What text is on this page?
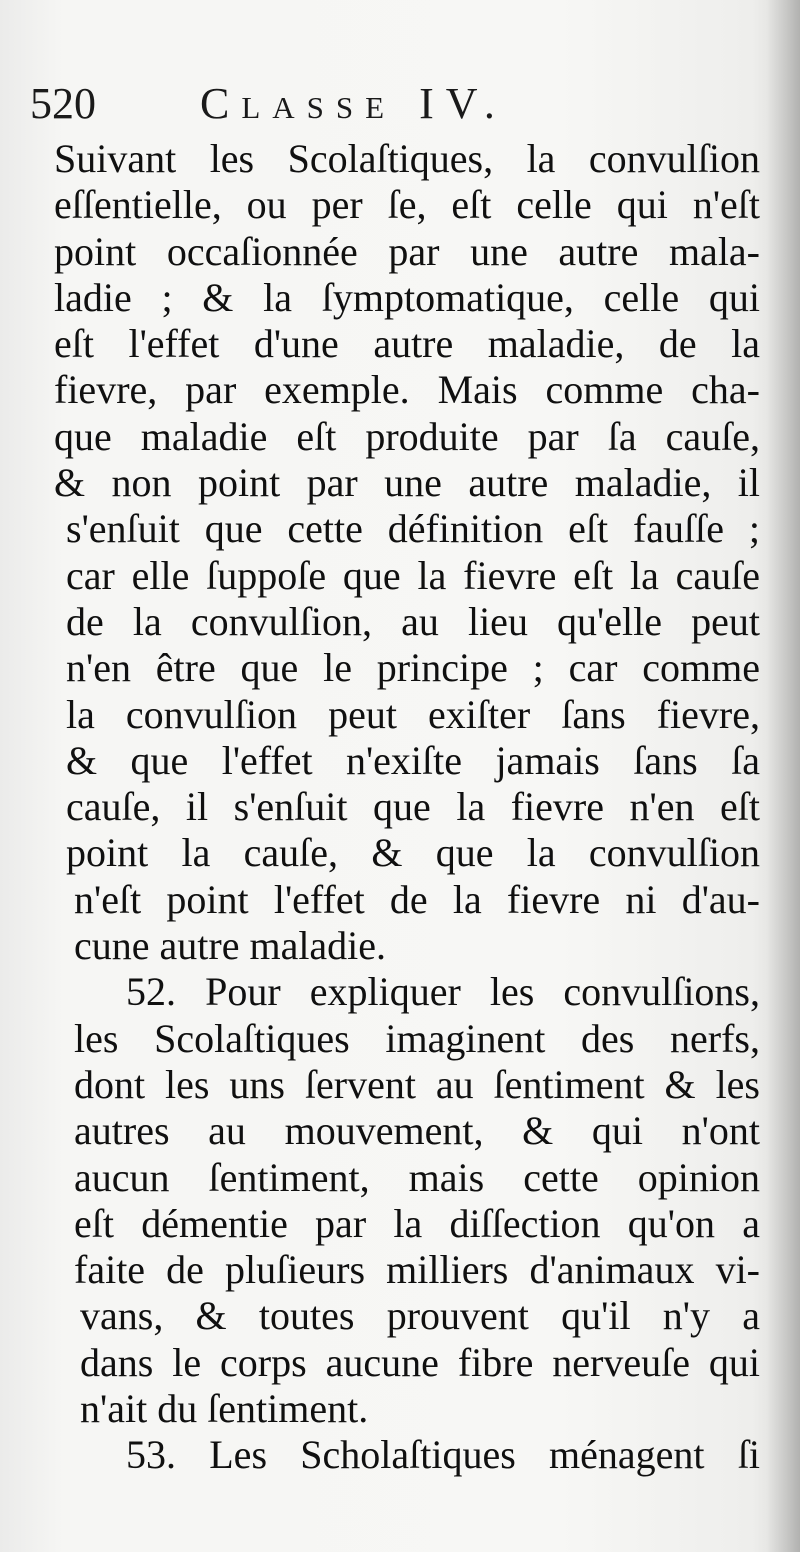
520 Classe IV.
Suivant les Scolaſtiques, la convulſion
eſſentielle, ou per ſe, eſt celle qui n'eſt
point occaſionnée par une autre mala-
ladie ; & la ſymptomatique, celle qui
eſt l'effet d'une autre maladie, de la
fievre, par exemple. Mais comme cha-
que maladie eſt produite par ſa cauſe,
& non point par une autre maladie, il
s'enſuit que cette définition eſt fauſſe ;
car elle ſuppoſe que la fievre eſt la cauſe
de la convulſion, au lieu qu'elle peut
n'en être que le principe ; car comme
la convulſion peut exiſter ſans fievre,
& que l'effet n'exiſte jamais ſans ſa
cauſe, il s'enſuit que la fievre n'en eſt
point la cauſe, & que la convulſion
n'eſt point l'effet de la fievre ni d'au-
cune autre maladie.
52. Pour expliquer les convulſions,
les Scolaſtiques imaginent des nerfs,
dont les uns ſervent au ſentiment & les
autres au mouvement, & qui n'ont
aucun ſentiment, mais cette opinion
eſt démentie par la diſſection qu'on a
faite de pluſieurs milliers d'animaux vi-
vans, & toutes prouvent qu'il n'y a
dans le corps aucune fibre nerveuſe qui
n'ait du ſentiment.
53. Les Scholaſtiques ménagent ſi
